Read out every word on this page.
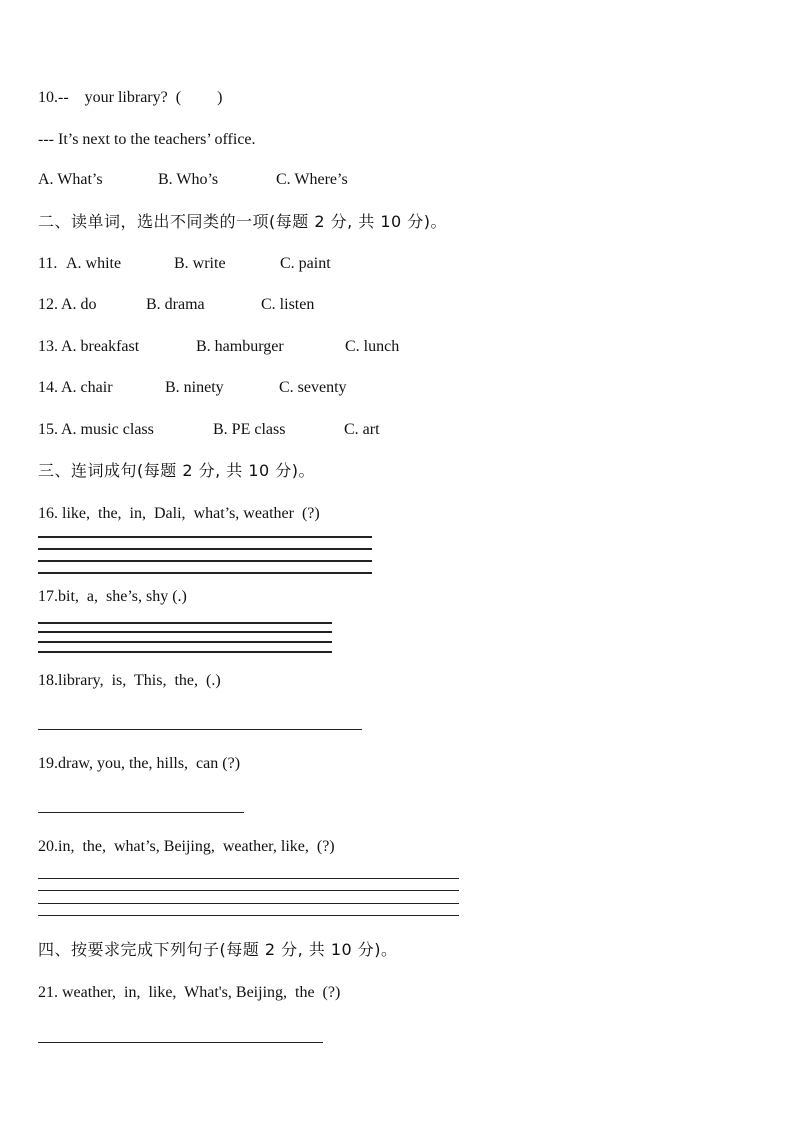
10.--    your library?  (         )
--- It’s next to the teachers’ office.
A. What’s	B. Who’s	C. Where’s
二、读单词，选出不同类的一项(每题 2 分, 共 10 分)。
11. A. white	B. write	C. paint
12. A. do	B. drama	C. listen
13. A. breakfast	B. hamburger	C. lunch
14. A. chair	B. ninety	C. seventy
15. A. music class	B. PE class	C. art
三、连词成句(每题 2 分, 共 10 分)。
16. like,  the,  in,  Dali,  what’s, weather  (?)
17.bit,  a,  she’s, shy (.)
18.library,  is,  This,  the,  (.)
19.draw, you, the, hills,  can (?)
20.in,  the,  what’s, Beijing,  weather, like,  (?)
四、按要求完成下列句子(每题 2 分, 共 10 分)。
21. weather,  in,  like,  What's, Beijing,  the  (?)
